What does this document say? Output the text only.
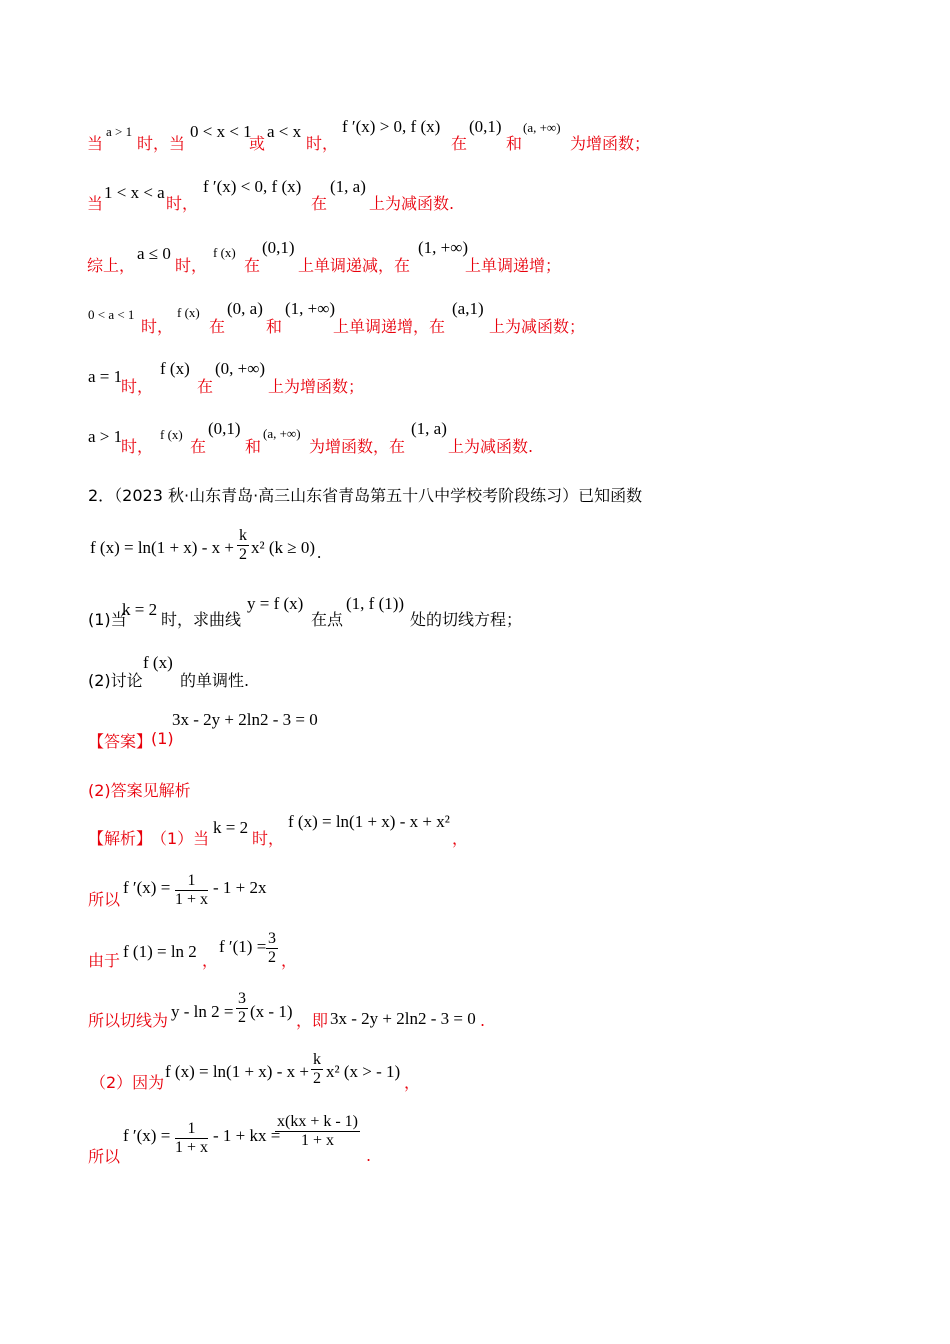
当
a > 1
时，当
0 < x < 1
或
a < x
时，
f ′(x) > 0, f (x)
在
(0,1)
和
(a, +∞)
为增函数；
当
1 < x < a
时，
f ′(x) < 0, f (x)
在
(1, a)
上为减函数.
综上，
a ≤ 0
时，
f (x)
在
(0,1)
上单调递减，在
(1, +∞)
上单调递增；
0 < a < 1
时，
f (x)
在
(0, a)
和
(1, +∞)
上单调递增，在
(a,1)
上为减函数；
a = 1
时，
f (x)
在
(0, +∞)
上为增函数；
a > 1
时，
f (x)
在
(0,1)
和
(a, +∞)
为增函数，在
(1, a)
上为减函数.
2．（2023 秋·山东青岛·高三山东省青岛第五十八中学校考阶段练习）已知函数
f $(x) = \ln(1 + x) - x + \frac{k}{2} x^2$ (k ≥ 0) .
(1)当
k = 2
时，求曲线
y = f (x)
在点
(1, f (1))
处的切线方程；
(2)讨论
f (x)
的单调性.
3x - 2y + 2ln2 - 3 = 0
【答案】
(1)
(2)答案见解析
【解析】
（1）当
k = 2
时，
f (x) = ln(1 + x) - x + x²
，
所以
f $'(x) = \frac{1}{1 + x} - 1 + 2x$
由于 f (1) = ln 2 ，
f $'(1) = \frac{3}{2}$ ，
所以切线为 $y - \ln 2 = \frac{3}{2} (x - 1)$ ，即 3x - 2y + 2ln2 - 3 = 0 .
（2）因为
f $(x) = \ln(1 + x) - x + \frac{k}{2} x^2$ (x > - 1)
，
所以
f $'(x) = \frac{1}{1 + x} - 1$ + kx =
$\frac{x(kx + k - 1)}{1 + x}$
.
